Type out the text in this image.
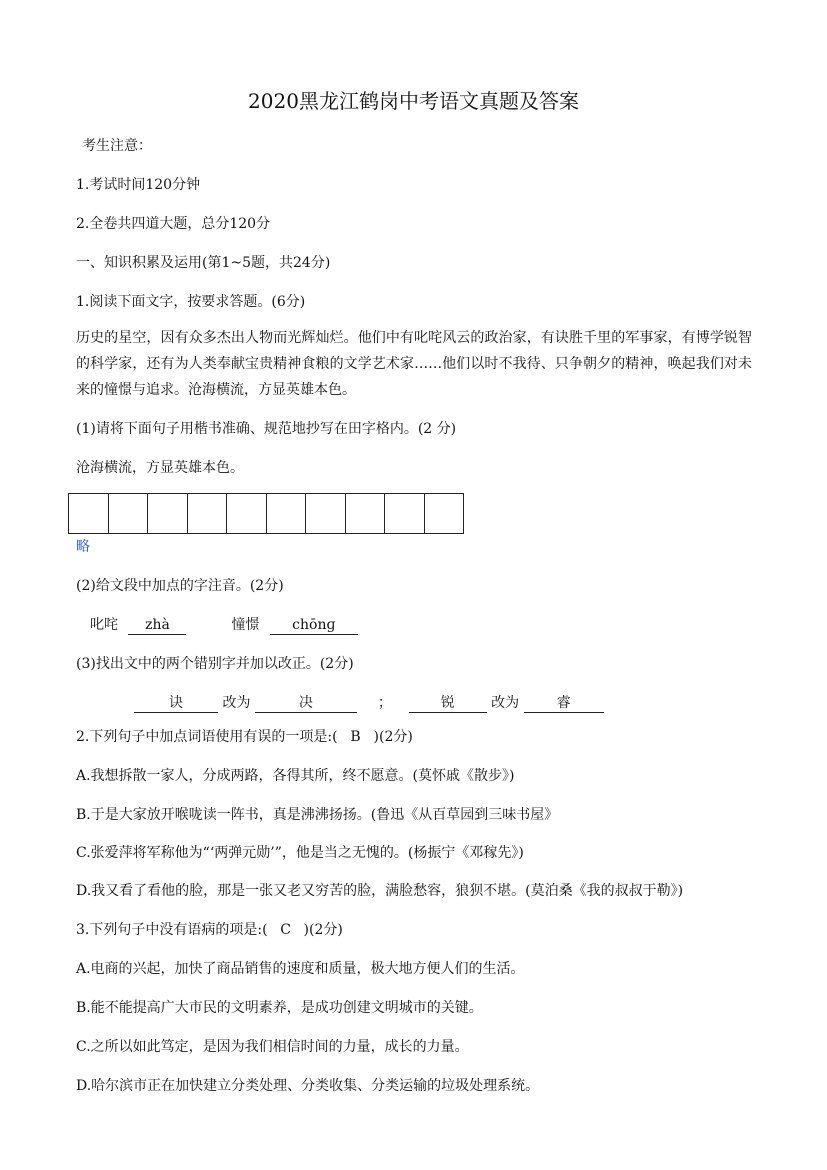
2020黑龙江鹤岗中考语文真题及答案
考生注意：
1.考试时间120分钟
2.全卷共四道大题，总分120分
一、知识积累及运用(第1~5题，共24分)
1.阅读下面文字，按要求答题。(6分)
历史的星空，因有众多杰出人物而光辉灿烂。他们中有叱咤风云的政治家，有诀胜千里的军事家，有博学锐智的科学家，还有为人类奉献宝贵精神食粮的文学艺术家……他们以时不我待、只争朝夕的精神，唤起我们对未来的憧憬与追求。沧海横流，方显英雄本色。
(1)请将下面句子用楷书准确、规范地抄写在田字格内。(2 分)
沧海横流，方显英雄本色。
略
(2)给文段中加点的字注音。(2分)
叱咤 zhà	憧憬 chōnɡ
(3)找出文中的两个错别字并加以改正。(2分)
诀	改为	决	；	锐	改为	睿
2.下列句子中加点词语使用有误的一项是:( B )(2分)
A.我想拆散一家人，分成两路，各得其所，终不愿意。(莫怀戚《散步》)
B.于是大家放开喉咙读一阵书，真是沸沸扬扬。(鲁迅《从百草园到三味书屋》
C.张爱萍将军称他为“‘两弹元勋’”，他是当之无愧的。(杨振宁《邓稼先》)
D.我又看了看他的脸，那是一张又老又穷苦的脸，满脸愁容，狼狈不堪。(莫泊桑《我的叔叔于勒》)
3.下列句子中没有语病的项是:( C )(2分)
A.电商的兴起，加快了商品销售的速度和质量，极大地方便人们的生活。
B.能不能提高广大市民的文明素养，是成功创建文明城市的关键。
C.之所以如此笃定，是因为我们相信时间的力量，成长的力量。
D.哈尔滨市正在加快建立分类处理、分类收集、分类运输的垃圾处理系统。
